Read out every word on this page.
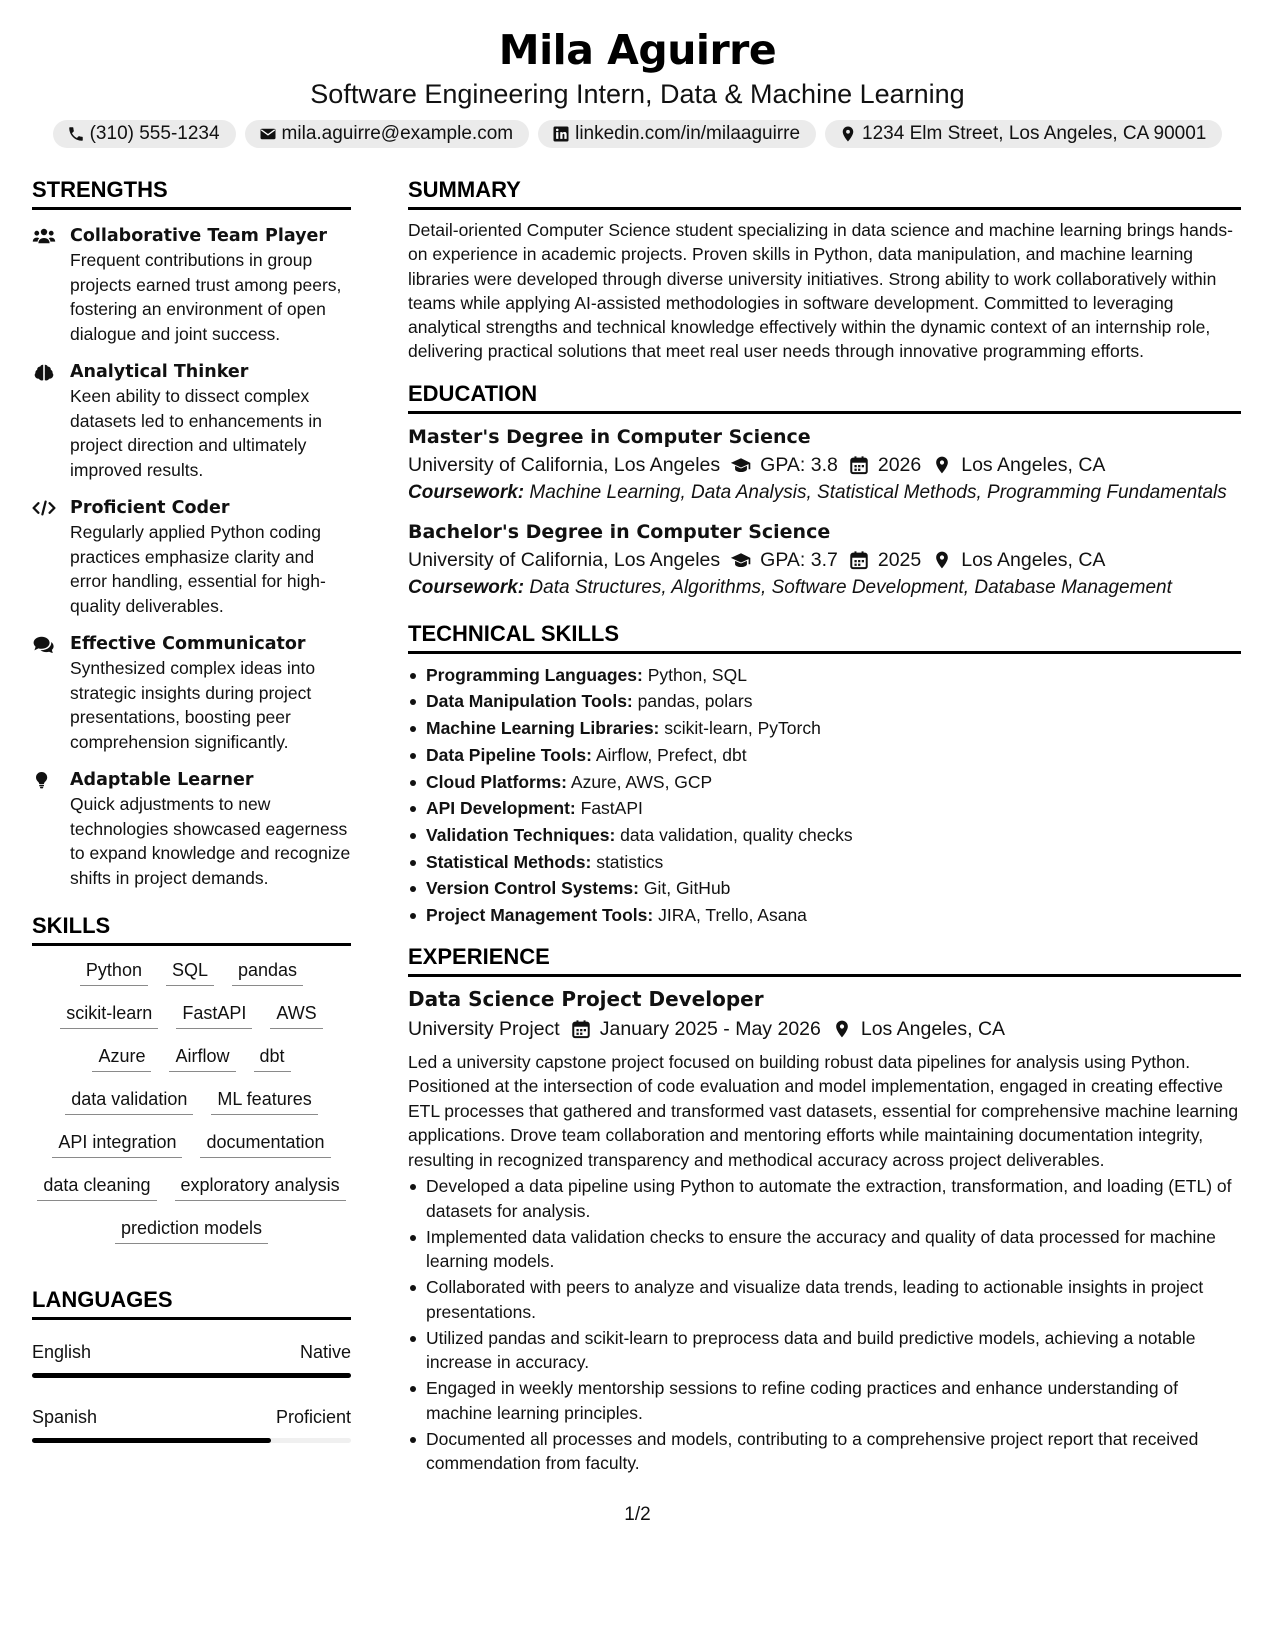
Mila Aguirre
Software Engineering Intern, Data & Machine Learning
(310) 555-1234	mila.aguirre@example.com	linkedin.com/in/milaaguirre	1234 Elm Street, Los Angeles, CA 90001
STRENGTHS
Collaborative Team Player
Frequent contributions in group projects earned trust among peers, fostering an environment of open dialogue and joint success.
Analytical Thinker
Keen ability to dissect complex datasets led to enhancements in project direction and ultimately improved results.
Proficient Coder
Regularly applied Python coding practices emphasize clarity and error handling, essential for high-quality deliverables.
Effective Communicator
Synthesized complex ideas into strategic insights during project presentations, boosting peer comprehension significantly.
Adaptable Learner
Quick adjustments to new technologies showcased eagerness to expand knowledge and recognize shifts in project demands.
SKILLS
Python	SQL	pandas
scikit-learn	FastAPI	AWS
Azure	Airflow	dbt
data validation	ML features
API integration	documentation
data cleaning	exploratory analysis
prediction models
LANGUAGES
English	Native
Spanish	Proficient
SUMMARY
Detail-oriented Computer Science student specializing in data science and machine learning brings hands-on experience in academic projects. Proven skills in Python, data manipulation, and machine learning libraries were developed through diverse university initiatives. Strong ability to work collaboratively within teams while applying AI-assisted methodologies in software development. Committed to leveraging analytical strengths and technical knowledge effectively within the dynamic context of an internship role, delivering practical solutions that meet real user needs through innovative programming efforts.
EDUCATION
Master's Degree in Computer Science
University of California, Los Angeles GPA: 3.8 2026 Los Angeles, CA
Coursework: Machine Learning, Data Analysis, Statistical Methods, Programming Fundamentals
Bachelor's Degree in Computer Science
University of California, Los Angeles GPA: 3.7 2025 Los Angeles, CA
Coursework: Data Structures, Algorithms, Software Development, Database Management
TECHNICAL SKILLS
Programming Languages: Python, SQL
Data Manipulation Tools: pandas, polars
Machine Learning Libraries: scikit-learn, PyTorch
Data Pipeline Tools: Airflow, Prefect, dbt
Cloud Platforms: Azure, AWS, GCP
API Development: FastAPI
Validation Techniques: data validation, quality checks
Statistical Methods: statistics
Version Control Systems: Git, GitHub
Project Management Tools: JIRA, Trello, Asana
EXPERIENCE
Data Science Project Developer
University Project January 2025 - May 2026 Los Angeles, CA
Led a university capstone project focused on building robust data pipelines for analysis using Python. Positioned at the intersection of code evaluation and model implementation, engaged in creating effective ETL processes that gathered and transformed vast datasets, essential for comprehensive machine learning applications. Drove team collaboration and mentoring efforts while maintaining documentation integrity, resulting in recognized transparency and methodical accuracy across project deliverables.
Developed a data pipeline using Python to automate the extraction, transformation, and loading (ETL) of datasets for analysis.
Implemented data validation checks to ensure the accuracy and quality of data processed for machine learning models.
Collaborated with peers to analyze and visualize data trends, leading to actionable insights in project presentations.
Utilized pandas and scikit-learn to preprocess data and build predictive models, achieving a notable increase in accuracy.
Engaged in weekly mentorship sessions to refine coding practices and enhance understanding of machine learning principles.
Documented all processes and models, contributing to a comprehensive project report that received commendation from faculty.
1/2
